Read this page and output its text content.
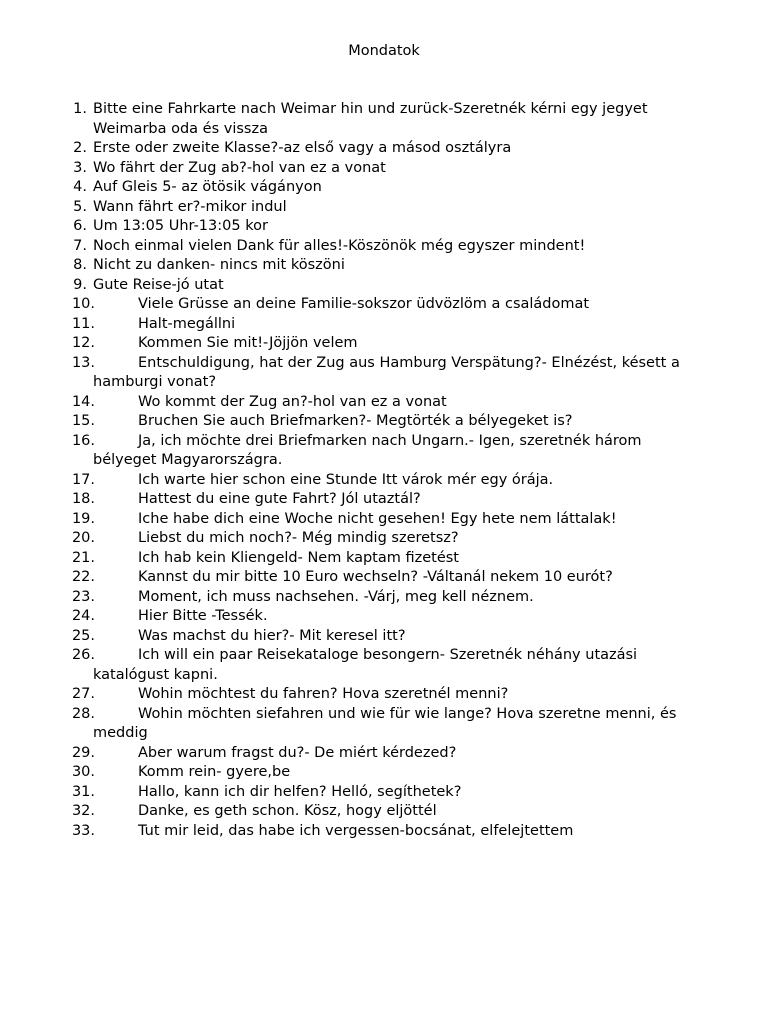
Mondatok
1. Bitte eine Fahrkarte nach Weimar hin und zurück-Szeretnék kérni egy jegyet
Weimarba oda és vissza
2. Erste oder zweite Klasse?-az első vagy a másod osztályra
3. Wo fährt der Zug ab?-hol van ez a vonat
4. Auf Gleis 5- az ötösik vágányon
5. Wann fährt er?-mikor indul
6. Um 13:05 Uhr-13:05 kor
7. Noch einmal vielen Dank für alles!-Köszönök még egyszer mindent!
8. Nicht zu danken- nincs mit köszöni
9. Gute Reise-jó utat
10.	Viele Grüsse an deine Familie-sokszor üdvözlöm a családomat
11.	Halt-megállni
12.	Kommen Sie mit!-Jöjjön velem
13.	Entschuldigung, hat der Zug aus Hamburg Verspätung?- Elnézést, késett a
hamburgi vonat?
14.	Wo kommt der Zug an?-hol van ez a vonat
15.	Bruchen Sie auch Briefmarken?- Megtörték a bélyegeket is?
16.	Ja, ich möchte drei Briefmarken nach Ungarn.- Igen, szeretnék három
bélyeget Magyarországra.
17.	Ich warte hier schon eine Stunde Itt várok mér egy órája.
18.	Hattest du eine gute Fahrt? Jól utaztál?
19.	Iche habe dich eine Woche nicht gesehen! Egy hete nem láttalak!
20.	Liebst du mich noch?- Még mindig szeretsz?
21.	Ich hab kein Kliengeld- Nem kaptam fizetést
22.	Kannst du mir bitte 10 Euro wechseln? -Váltanál nekem 10 eurót?
23.	Moment, ich muss nachsehen. -Várj, meg kell néznem.
24.	Hier Bitte -Tessék.
25.	Was machst du hier?- Mit keresel itt?
26.	Ich will ein paar Reisekataloge besongern- Szeretnék néhány utazási
katalógust kapni.
27.	Wohin möchtest du fahren? Hova szeretnél menni?
28.	Wohin möchten siefahren und wie für wie lange? Hova szeretne menni, és
meddig
29.	Aber warum fragst du?- De miért kérdezed?
30.	Komm rein- gyere,be
31.	Hallo, kann ich dir helfen? Helló, segíthetek?
32.	Danke, es geth schon. Kösz, hogy eljöttél
33.	Tut mir leid, das habe ich vergessen-bocsánat, elfelejtettem
